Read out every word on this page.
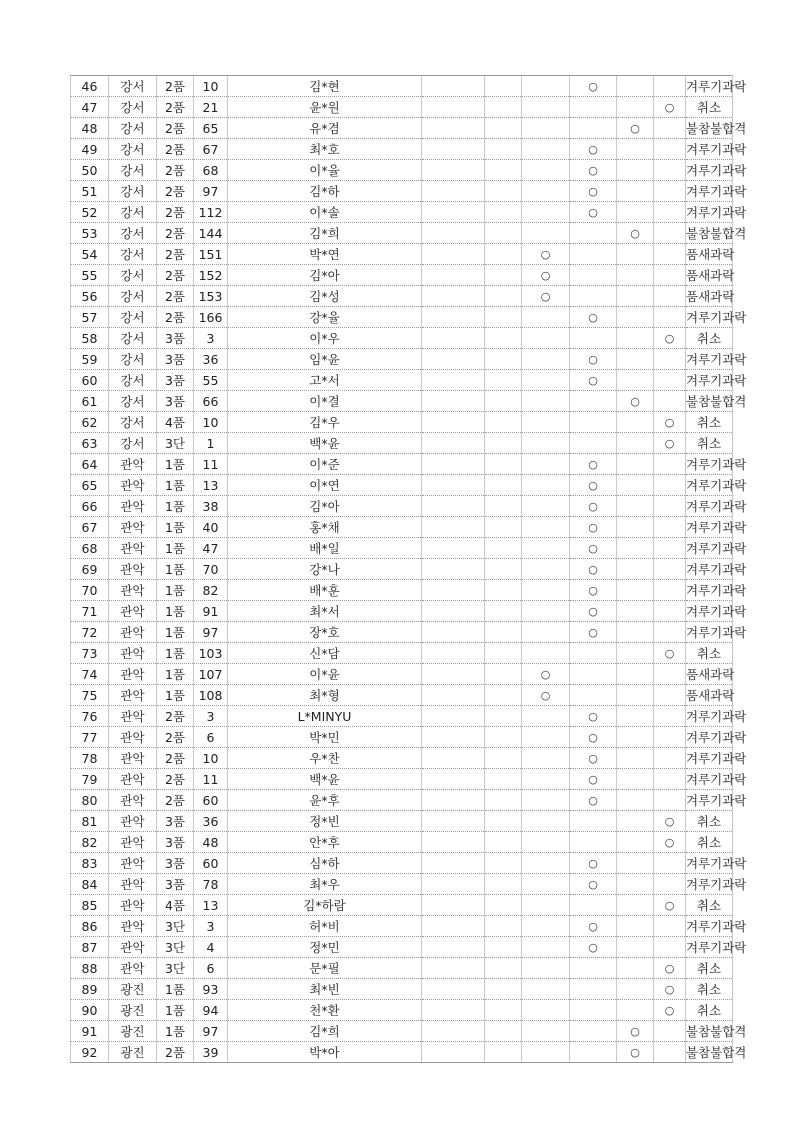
46	강서	2품	10	김*현				○			겨루기과락
47	강서	2품	21	윤*원						○	취소
48	강서	2품	65	유*겸					○		불참불합격
49	강서	2품	67	최*호				○			겨루기과락
50	강서	2품	68	이*율				○			겨루기과락
51	강서	2품	97	김*하				○			겨루기과락
52	강서	2품	112	이*솔				○			겨루기과락
53	강서	2품	144	김*희					○		불참불합격
54	강서	2품	151	박*연			○				품새과락
55	강서	2품	152	김*아			○				품새과락
56	강서	2품	153	김*성			○				품새과락
57	강서	2품	166	강*율				○			겨루기과락
58	강서	3품	3	이*우						○	취소
59	강서	3품	36	임*윤				○			겨루기과락
60	강서	3품	55	고*서				○			겨루기과락
61	강서	3품	66	이*결					○		불참불합격
62	강서	4품	10	김*우						○	취소
63	강서	3단	1	백*윤						○	취소
64	관악	1품	11	이*준				○			겨루기과락
65	관악	1품	13	이*연				○			겨루기과락
66	관악	1품	38	김*아				○			겨루기과락
67	관악	1품	40	홍*채				○			겨루기과락
68	관악	1품	47	배*일				○			겨루기과락
69	관악	1품	70	강*나				○			겨루기과락
70	관악	1품	82	배*훈				○			겨루기과락
71	관악	1품	91	최*서				○			겨루기과락
72	관악	1품	97	장*호				○			겨루기과락
73	관악	1품	103	신*담						○	취소
74	관악	1품	107	이*윤			○				품새과락
75	관악	1품	108	최*형			○				품새과락
76	관악	2품	3	L*MINYU				○			겨루기과락
77	관악	2품	6	박*민				○			겨루기과락
78	관악	2품	10	우*찬				○			겨루기과락
79	관악	2품	11	백*윤				○			겨루기과락
80	관악	2품	60	윤*후				○			겨루기과락
81	관악	3품	36	정*빈						○	취소
82	관악	3품	48	안*후						○	취소
83	관악	3품	60	심*하				○			겨루기과락
84	관악	3품	78	최*우				○			겨루기과락
85	관악	4품	13	김*하람						○	취소
86	관악	3단	3	허*비				○			겨루기과락
87	관악	3단	4	정*민				○			겨루기과락
88	관악	3단	6	문*필						○	취소
89	광진	1품	93	최*빈						○	취소
90	광진	1품	94	천*환						○	취소
91	광진	1품	97	김*희					○		불참불합격
92	광진	2품	39	박*아					○		불참불합격
